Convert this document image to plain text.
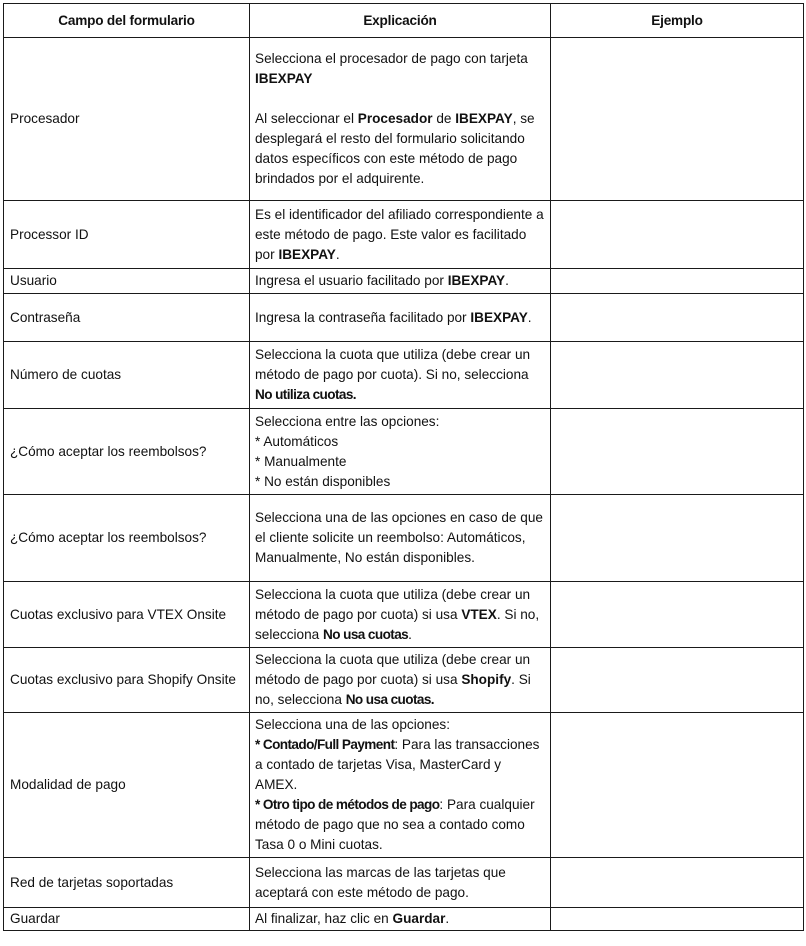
Campo del formulario	Explicación	Ejemplo
Procesador	Selecciona el procesador de pago con tarjeta IBEXPAY
Al seleccionar el Procesador de IBEXPAY, se desplegará el resto del formulario solicitando datos específicos con este método de pago brindados por el adquirente.	

Processor ID	Es el identificador del afiliado correspondiente a este método de pago. Este valor es facilitado por IBEXPAY.	
Usuario	Ingresa el usuario facilitado por IBEXPAY.	
Contraseña	Ingresa la contraseña facilitado por IBEXPAY.	
Número de cuotas	Selecciona la cuota que utiliza (debe crear un método de pago por cuota). Si no, selecciona No utiliza cuotas.	
¿Cómo aceptar los reembolsos?	Selecciona entre las opciones:
* Automáticos
* Manualmente
* No están disponibles	

¿Cómo aceptar los reembolsos?	Selecciona una de las opciones en caso de que el cliente solicite un reembolso: Automáticos, Manualmente, No están disponibles.	
Cuotas exclusivo para VTEX Onsite	Selecciona la cuota que utiliza (debe crear un método de pago por cuota) si usa VTEX. Si no, selecciona No usa cuotas.	
Cuotas exclusivo para Shopify Onsite	Selecciona la cuota que utiliza (debe crear un método de pago por cuota) si usa Shopify. Si no, selecciona No usa cuotas.	
Modalidad de pago	Selecciona una de las opciones:
* Contado/Full Payment: Para las transacciones a contado de tarjetas Visa, MasterCard y AMEX.
* Otro tipo de métodos de pago: Para cualquier método de pago que no sea a contado como Tasa 0 o Mini cuotas.	

Red de tarjetas soportadas	Selecciona las marcas de las tarjetas que aceptará con este método de pago.	
Guardar	Al finalizar, haz clic en Guardar.	
